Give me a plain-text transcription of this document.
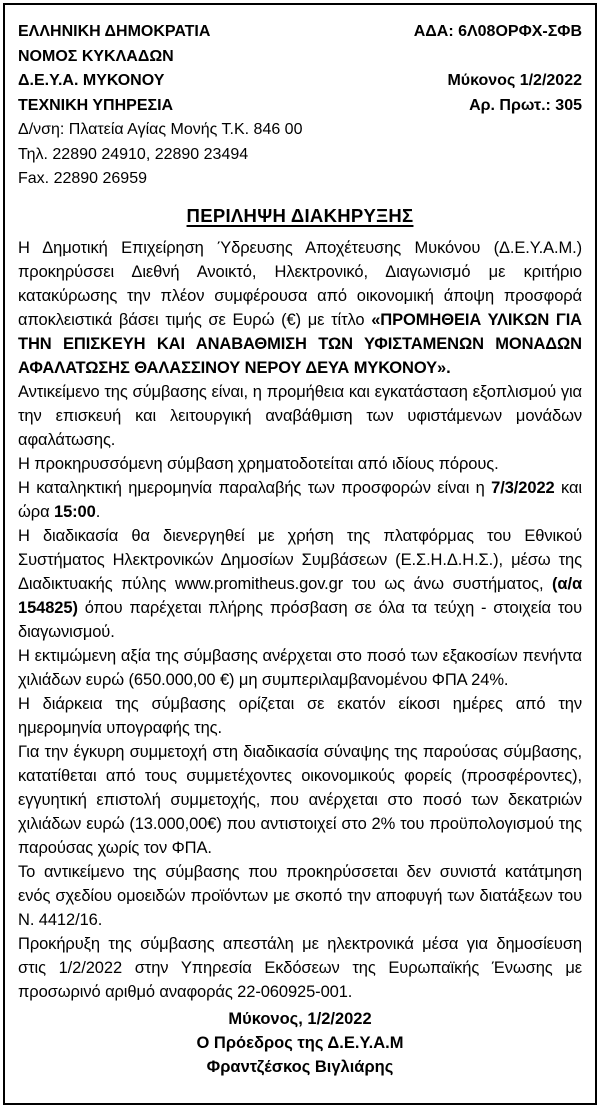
ΕΛΛΗΝΙΚΗ ΔΗΜΟΚΡΑΤΙΑ
ΝΟΜΟΣ ΚΥΚΛΑΔΩΝ
Δ.Ε.Υ.Α. ΜΥΚΟΝΟΥ
ΤΕΧΝΙΚΗ ΥΠΗΡΕΣΙΑ
Δ/νση: Πλατεία Αγίας Μονής Τ.Κ. 846 00
Τηλ. 22890 24910, 22890 23494
Fax. 22890 26959
ΑΔΑ: 6Λ08ΟΡΦΧ-ΣΦΒ
Μύκονος 1/2/2022
Αρ. Πρωτ.: 305
ΠΕΡΙΛΗΨΗ ΔΙΑΚΗΡΥΞΗΣ

Η Δημοτική Επιχείρηση Ύδρευσης Αποχέτευσης Μυκόνου (Δ.Ε.Υ.Α.Μ.) προκηρύσσει Διεθνή Ανοικτό, Ηλεκτρονικό, Διαγωνισμό με κριτήριο κατακύρωσης την πλέον συμφέρουσα από οικονομική άποψη προσφορά αποκλειστικά βάσει τιμής σε Ευρώ (€) με τίτλο «ΠΡΟΜΗΘΕΙΑ ΥΛΙΚΩΝ ΓΙΑ ΤΗΝ ΕΠΙΣΚΕΥΗ ΚΑΙ ΑΝΑΒΑΘΜΙΣΗ ΤΩΝ ΥΦΙΣΤΑΜΕΝΩΝ ΜΟΝΑΔΩΝ ΑΦΑΛΑΤΩΣΗΣ ΘΑΛΑΣΣΙΝΟΥ ΝΕΡΟΥ ΔΕΥΑ ΜΥΚΟΝΟΥ».

Αντικείμενο της σύμβασης είναι, η προμήθεια και εγκατάσταση εξοπλισμού για την επισκευή και λειτουργική αναβάθμιση των υφιστάμενων μονάδων αφαλάτωσης.

Η προκηρυσσόμενη σύμβαση χρηματοδοτείται από ιδίους πόρους.

Η καταληκτική ημερομηνία παραλαβής των προσφορών είναι η 7/3/2022 και ώρα 15:00.

Η διαδικασία θα διενεργηθεί με χρήση της πλατφόρμας του Εθνικού Συστήματος Ηλεκτρονικών Δημοσίων Συμβάσεων (Ε.Σ.Η.Δ.Η.Σ.), μέσω της Διαδικτυακής πύλης www.promitheus.gov.gr του ως άνω συστήματος, (α/α 154825) όπου παρέχεται πλήρης πρόσβαση σε όλα τα τεύχη - στοιχεία του διαγωνισμού.

Η εκτιμώμενη αξία της σύμβασης ανέρχεται στο ποσό των εξακοσίων πενήντα χιλιάδων ευρώ (650.000,00 €) μη συμπεριλαμβανομένου ΦΠΑ 24%.

Η διάρκεια της σύμβασης ορίζεται σε εκατόν είκοσι ημέρες από την ημερομηνία υπογραφής της.

Για την έγκυρη συμμετοχή στη διαδικασία σύναψης της παρούσας σύμβασης, κατατίθεται από τους συμμετέχοντες οικονομικούς φορείς (προσφέροντες), εγγυητική επιστολή συμμετοχής, που ανέρχεται στο ποσό των δεκατριών χιλιάδων ευρώ (13.000,00€) που αντιστοιχεί στο 2% του προϋπολογισμού της παρούσας χωρίς τον ΦΠΑ.

Το αντικείμενο της σύμβασης που προκηρύσσεται δεν συνιστά κατάτμηση ενός σχεδίου ομοειδών προϊόντων με σκοπό την αποφυγή των διατάξεων του Ν. 4412/16.

Προκήρυξη της σύμβασης απεστάλη με ηλεκτρονικά μέσα για δημοσίευση στις 1/2/2022 στην Υπηρεσία Εκδόσεων της Ευρωπαϊκής Ένωσης με προσωρινό αριθμό αναφοράς 22-060925-001.

Μύκονος, 1/2/2022
Ο Πρόεδρος της Δ.Ε.Υ.Α.Μ
Φραντζέσκος Βιγλιάρης
